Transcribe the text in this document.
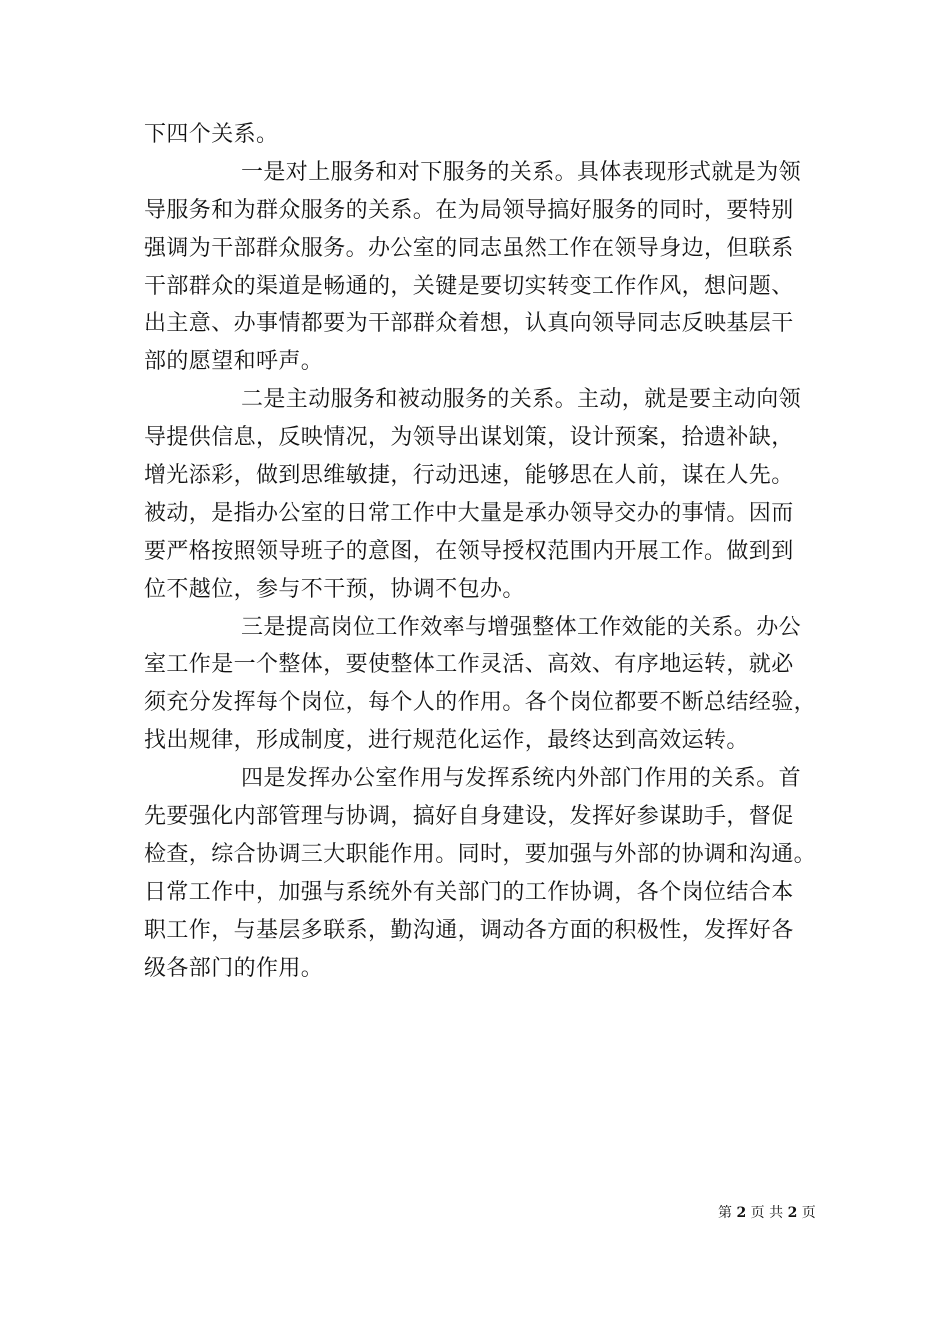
下四个关系。
一是对上服务和对下服务的关系。具体表现形式就是为领
导服务和为群众服务的关系。在为局领导搞好服务的同时，要特别
强调为干部群众服务。办公室的同志虽然工作在领导身边，但联系
干部群众的渠道是畅通的，关键是要切实转变工作作风，想问题、
出主意、办事情都要为干部群众着想，认真向领导同志反映基层干
部的愿望和呼声。
二是主动服务和被动服务的关系。主动，就是要主动向领
导提供信息，反映情况，为领导出谋划策，设计预案，拾遗补缺，
增光添彩，做到思维敏捷，行动迅速，能够思在人前，谋在人先。
被动，是指办公室的日常工作中大量是承办领导交办的事情。因而
要严格按照领导班子的意图，在领导授权范围内开展工作。做到到
位不越位，参与不干预，协调不包办。
三是提高岗位工作效率与增强整体工作效能的关系。办公
室工作是一个整体，要使整体工作灵活、高效、有序地运转，就必
须充分发挥每个岗位，每个人的作用。各个岗位都要不断总结经验，
找出规律，形成制度，进行规范化运作，最终达到高效运转。
四是发挥办公室作用与发挥系统内外部门作用的关系。首
先要强化内部管理与协调，搞好自身建设，发挥好参谋助手，督促
检查，综合协调三大职能作用。同时，要加强与外部的协调和沟通。
日常工作中，加强与系统外有关部门的工作协调，各个岗位结合本
职工作，与基层多联系，勤沟通，调动各方面的积极性，发挥好各
级各部门的作用。
第 2 页 共 2 页
